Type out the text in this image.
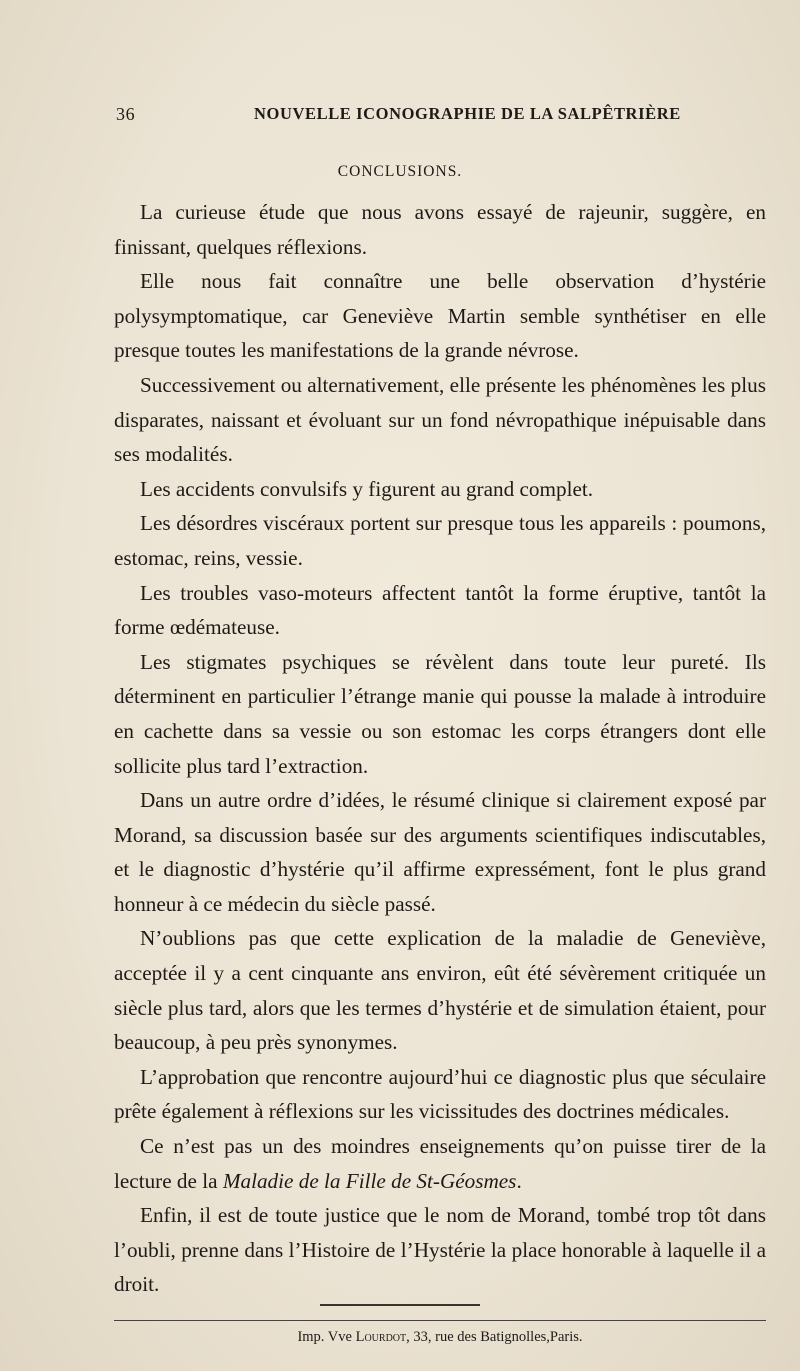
36	NOUVELLE ICONOGRAPHIE DE LA SALPÊTRIÈRE
CONCLUSIONS.

La curieuse étude que nous avons essayé de rajeunir, suggère, en finissant, quelques réflexions.

Elle nous fait connaître une belle observation d’hystérie polysymptomatique, car Geneviève Martin semble synthétiser en elle presque toutes les manifestations de la grande névrose.

Successivement ou alternativement, elle présente les phénomènes les plus disparates, naissant et évoluant sur un fond névropathique inépuisable dans ses modalités.

Les accidents convulsifs y figurent au grand complet.

Les désordres viscéraux portent sur presque tous les appareils : poumons, estomac, reins, vessie.

Les troubles vaso-moteurs affectent tantôt la forme éruptive, tantôt la forme œdémateuse.

Les stigmates psychiques se révèlent dans toute leur pureté. Ils déterminent en particulier l’étrange manie qui pousse la malade à introduire en cachette dans sa vessie ou son estomac les corps étrangers dont elle sollicite plus tard l’extraction.

Dans un autre ordre d’idées, le résumé clinique si clairement exposé par Morand, sa discussion basée sur des arguments scientifiques indiscutables, et le diagnostic d’hystérie qu’il affirme expressément, font le plus grand honneur à ce médecin du siècle passé.

N’oublions pas que cette explication de la maladie de Geneviève, acceptée il y a cent cinquante ans environ, eût été sévèrement critiquée un siècle plus tard, alors que les termes d’hystérie et de simulation étaient, pour beaucoup, à peu près synonymes.

L’approbation que rencontre aujourd’hui ce diagnostic plus que séculaire prête également à réflexions sur les vicissitudes des doctrines médicales.

Ce n’est pas un des moindres enseignements qu’on puisse tirer de la lecture de la Maladie de la Fille de St-Géosmes.

Enfin, il est de toute justice que le nom de Morand, tombé trop tôt dans l’oubli, prenne dans l’Histoire de l’Hystérie la place honorable à laquelle il a droit.

Imp. Vve Lourdot, 33, rue des Batignolles,Paris.
